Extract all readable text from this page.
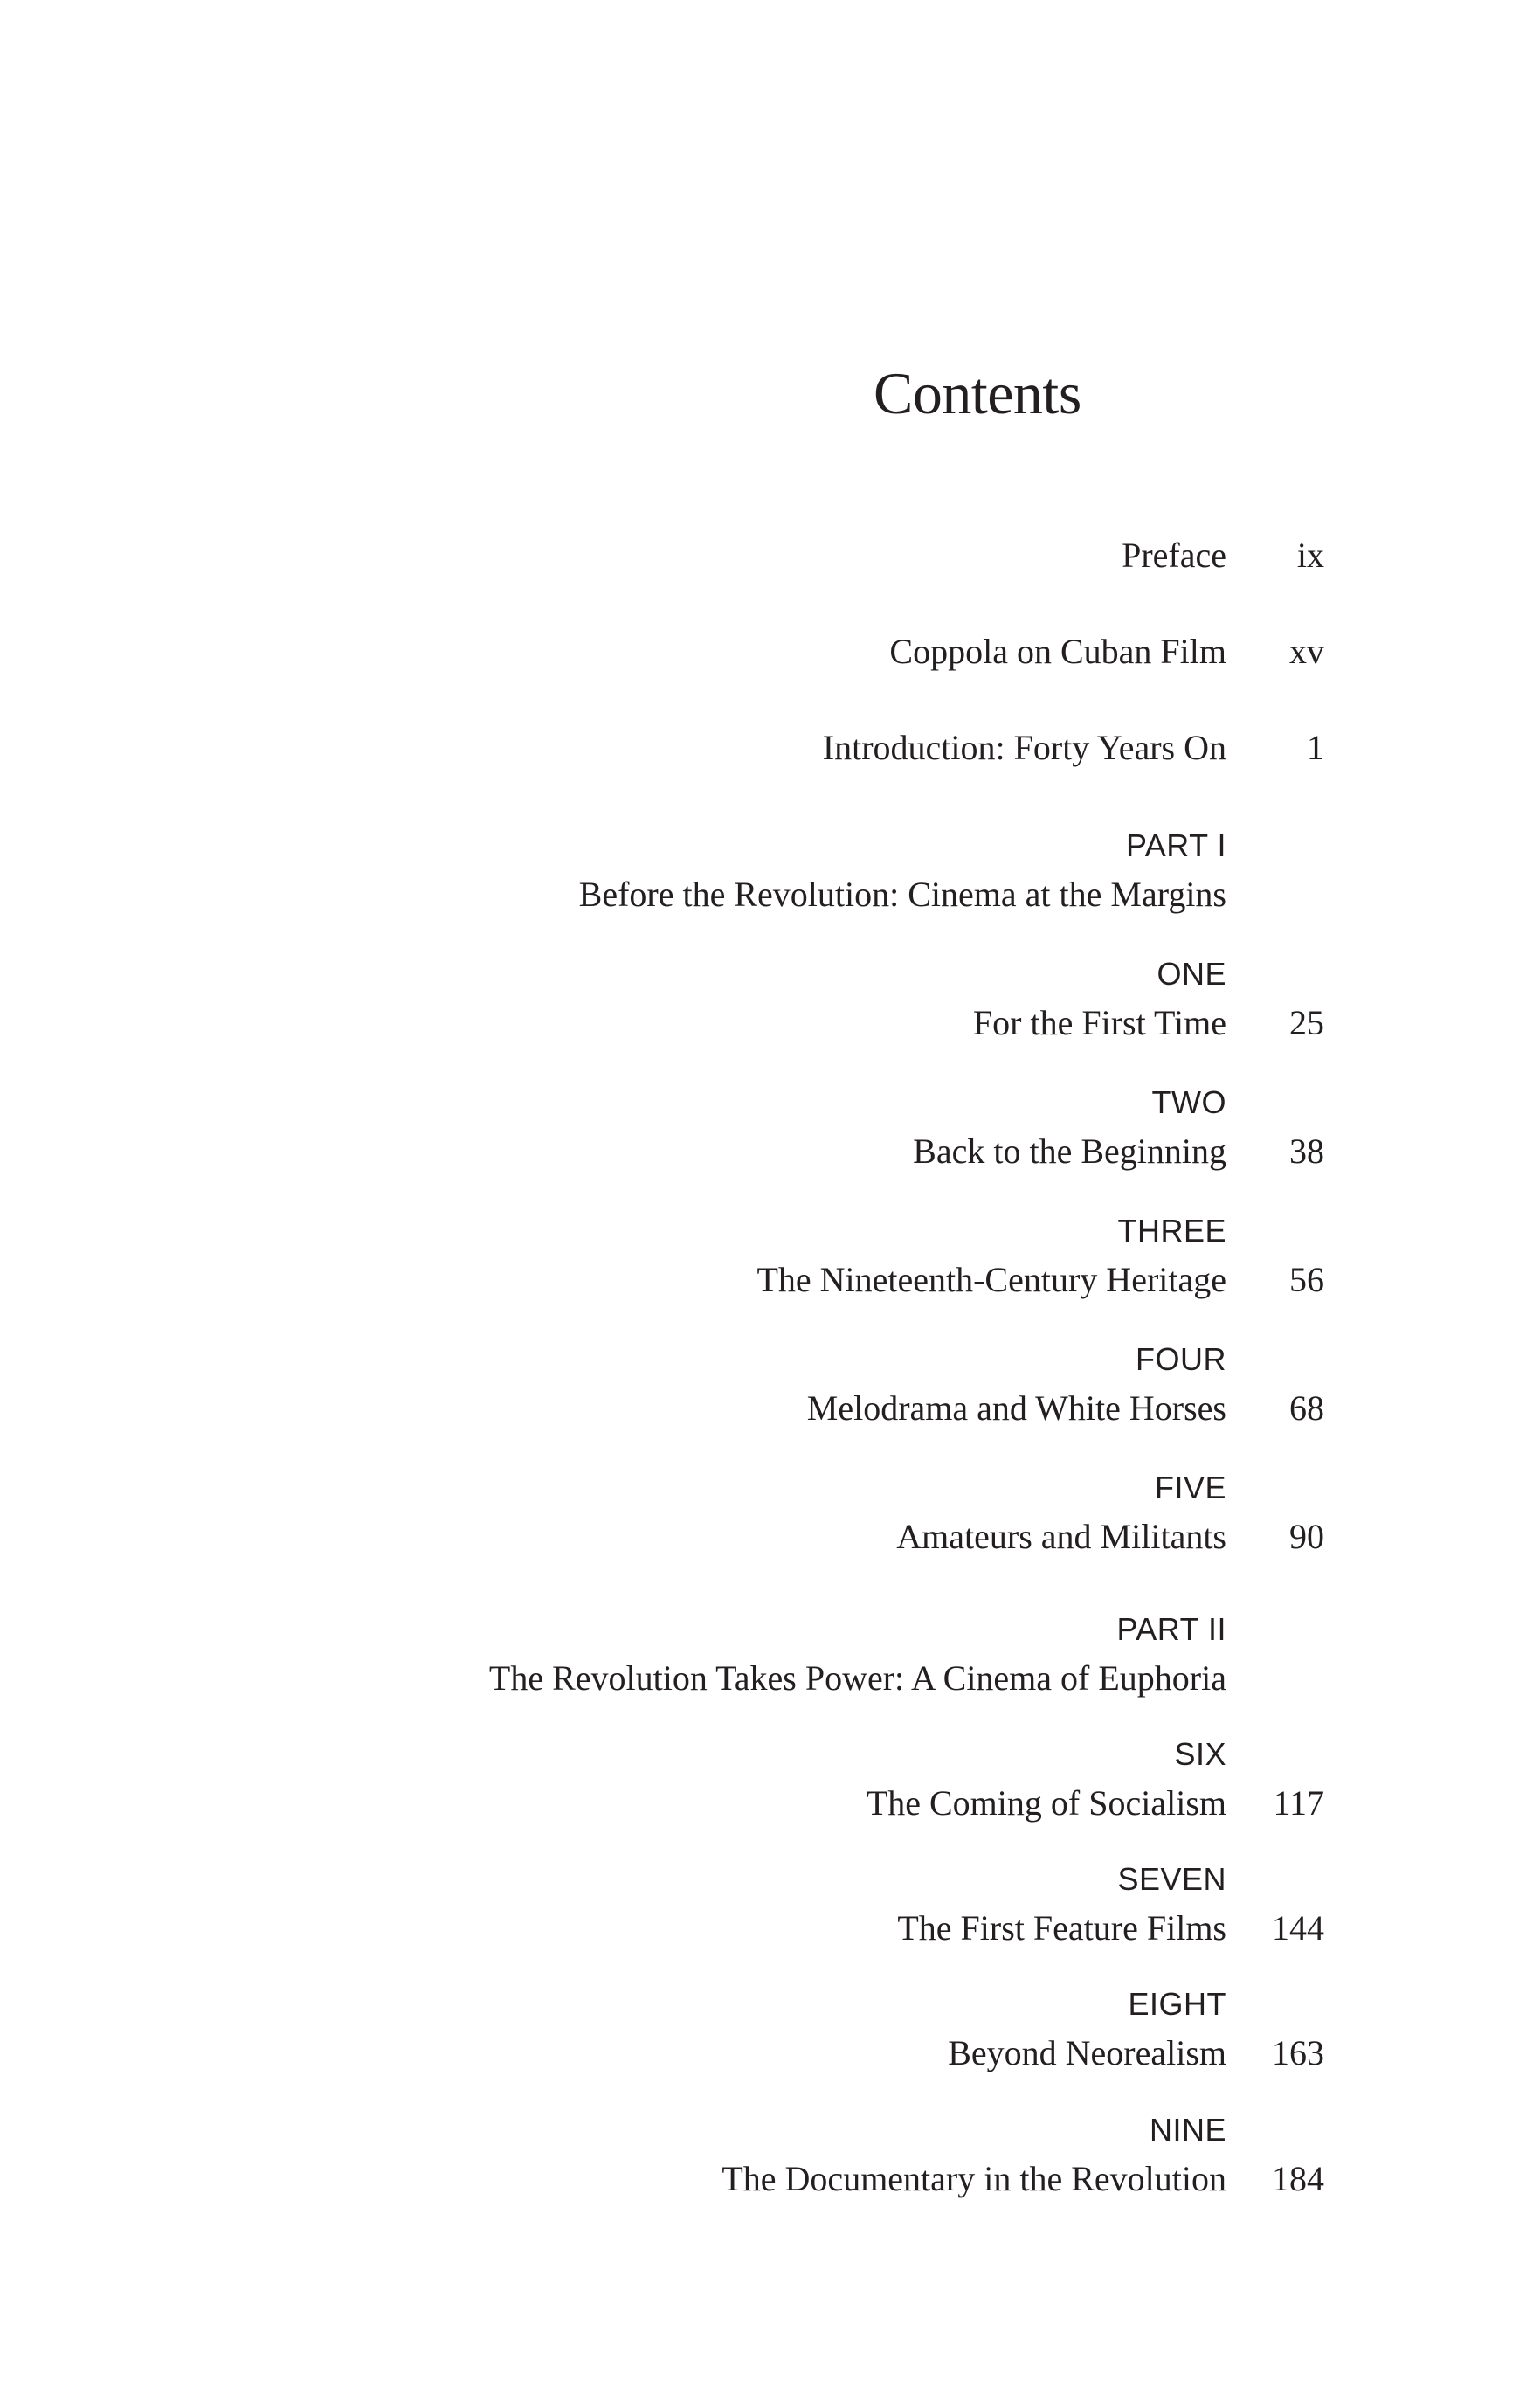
Contents
Preface ix
Coppola on Cuban Film xv
Introduction: Forty Years On 1
PART I
Before the Revolution: Cinema at the Margins
ONE
For the First Time 25
TWO
Back to the Beginning 38
THREE
The Nineteenth-Century Heritage 56
FOUR
Melodrama and White Horses 68
FIVE
Amateurs and Militants 90
PART II
The Revolution Takes Power: A Cinema of Euphoria
SIX
The Coming of Socialism 117
SEVEN
The First Feature Films 144
EIGHT
Beyond Neorealism 163
NINE
The Documentary in the Revolution 184
